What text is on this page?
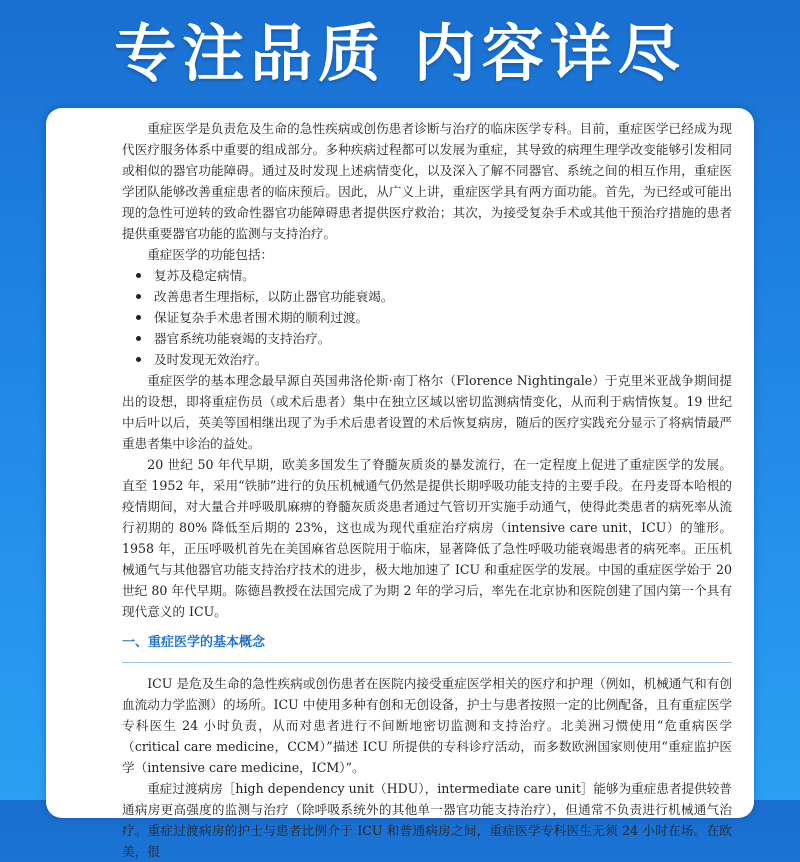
专注品质 内容详尽

重症医学是负责危及生命的急性疾病或创伤患者诊断与治疗的临床医学专科。目前，重症医学已经成为现代医疗服务体系中重要的组成部分。多种疾病过程都可以发展为重症，其导致的病理生理学改变能够引发相同或相似的器官功能障碍。通过及时发现上述病情变化，以及深入了解不同器官、系统之间的相互作用，重症医学团队能够改善重症患者的临床预后。因此，从广义上讲，重症医学具有两方面功能。首先，为已经或可能出现的急性可逆转的致命性器官功能障碍患者提供医疗救治；其次，为接受复杂手术或其他干预治疗措施的患者提供重要器官功能的监测与支持治疗。

重症医学的功能包括：

复苏及稳定病情。
改善患者生理指标，以防止器官功能衰竭。
保证复杂手术患者围术期的顺利过渡。
器官系统功能衰竭的支持治疗。
及时发现无效治疗。

重症医学的基本理念最早源自英国弗洛伦斯·南丁格尔（Florence Nightingale）于克里米亚战争期间提出的设想，即将重症伤员（或术后患者）集中在独立区域以密切监测病情变化，从而利于病情恢复。19 世纪中后叶以后，英美等国相继出现了为手术后患者设置的术后恢复病房，随后的医疗实践充分显示了将病情最严重患者集中诊治的益处。

20 世纪 50 年代早期，欧美多国发生了脊髓灰质炎的暴发流行，在一定程度上促进了重症医学的发展。直至 1952 年，采用“铁肺”进行的负压机械通气仍然是提供长期呼吸功能支持的主要手段。在丹麦哥本哈根的疫情期间，对大量合并呼吸肌麻痹的脊髓灰质炎患者通过气管切开实施手动通气，使得此类患者的病死率从流行初期的 80% 降低至后期的 23%，这也成为现代重症治疗病房（intensive care unit，ICU）的雏形。1958 年，正压呼吸机首先在美国麻省总医院用于临床，显著降低了急性呼吸功能衰竭患者的病死率。正压机械通气与其他器官功能支持治疗技术的进步，极大地加速了 ICU 和重症医学的发展。中国的重症医学始于 20 世纪 80 年代早期。陈德昌教授在法国完成了为期 2 年的学习后，率先在北京协和医院创建了国内第一个具有现代意义的 ICU。

一、重症医学的基本概念

ICU 是危及生命的急性疾病或创伤患者在医院内接受重症医学相关的医疗和护理（例如，机械通气和有创血流动力学监测）的场所。ICU 中使用多种有创和无创设备，护士与患者按照一定的比例配备，且有重症医学专科医生 24 小时负责，从而对患者进行不间断地密切监测和支持治疗。北美洲习惯使用“危重病医学（critical care medicine，CCM）”描述 ICU 所提供的专科诊疗活动，而多数欧洲国家则使用“重症监护医学（intensive care medicine，ICM）”。

重症过渡病房［high dependency unit（HDU），intermediate care unit］能够为重症患者提供较普通病房更高强度的监测与治疗（除呼吸系统外的其他单一器官功能支持治疗），但通常不负责进行机械通气治疗。重症过渡病房的护士与患者比例介于 ICU 和普通病房之间，重症医学专科医生无须 24 小时在场。在欧美，很
